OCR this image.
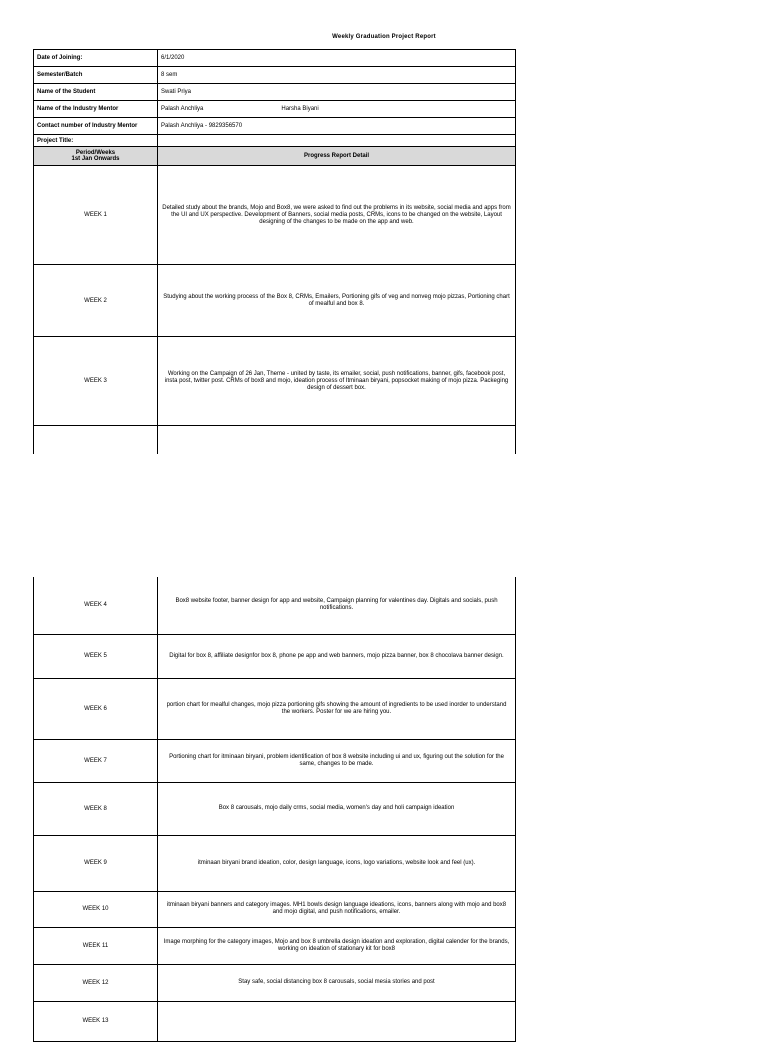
Weekly Graduation Project Report
Date of Joining:	6/1/2020
Semester/Batch	8 sem
Name of the Student	Swati Priya
Name of the Industry Mentor	Palash Anchliya Harsha Biyani
Contact number of Industry Mentor	Palash Anchliya - 9829356570
Project Title:	

Period/Weeks
1st Jan Onwards	Progress Report Detail
WEEK 1	Detailed study about the brands, Mojo and Box8, we were asked to find out the problems in its website, social media and apps from the UI and UX perspective. Development of Banners, social media posts, CRMs, icons to be changed on the website, Layout designing of the changes to be made on the app and web.
WEEK 2	Studying about the working process of the Box 8, CRMs, Emailers, Portioning gifs of veg and nonveg mojo pizzas, Portioning chart of mealful and box 8.
WEEK 3	Working on the Campaign of 26 Jan, Theme - united by taste, its emailer, social, push notifications, banner, gifs, facebook post, insta post, twitter post. CRMs of box8 and mojo, ideation process of Itminaan biryani, popsocket making of mojo pizza. Packeging design of dessert box.

WEEK 4	Box8 website footer, banner design for app and website, Campaign planning for valentines day. Digitals and socials, push notifications.
WEEK 5	Digital for box 8, affiliate designfor box 8, phone pe app and web banners, mojo pizza banner, box 8 chocolava banner design.
WEEK 6	portion chart for mealful changes, mojo pizza portioning gifs showing the amount of ingredients to be used inorder to understand the workers. Poster for we are hiring you.
WEEK 7	Portioning chart for itminaan biryani, problem identification of box 8 website including ui and ux, figuring out the solution for the same, changes to be made.
WEEK 8	Box 8 carousals, mojo daily crms, social media, women's day and holi campaign ideation
WEEK 9	itminaan biryani brand ideation, color, design language, icons, logo variations, website look and feel (ux).
WEEK 10	itminaan biryani banners and category images. MH1 bowls design language ideations, icons, banners along with mojo and box8 and mojo digital, and push notifications, emailer.
WEEK 11	Image morphing for the category images, Mojo and box 8 umbrella design ideation and exploration, digital calender for the brands, working on ideation of stationary kit for box8
WEEK 12	Stay safe, social distancing box 8 carousals, social mesia stories and post
WEEK 13	
